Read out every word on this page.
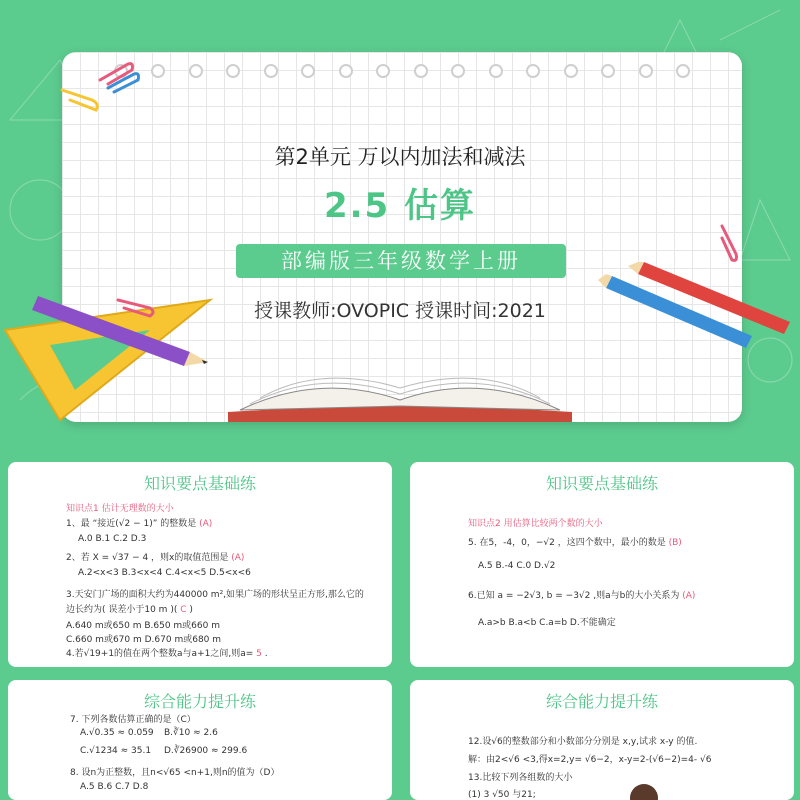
第2单元 万以内加法和减法
2.5 估算
部编版三年级数学上册
授课教师:OVOPIC 授课时间:2021
知识要点基础练
知识点1 估计无理数的大小
1、最 “接近(√2 − 1)” 的整数是 (A)
A.0 B.1 C.2 D.3
2、若 X = √37 − 4 ，则x的取值范围是 (A)
A.2<x<3 B.3<x<4 C.4<x<5 D.5<x<6
3.天安门广场的面积大约为440000 m²,如果广场的形状呈正方形,那么它的
边长约为( 误差小于10 m )( C )
A.640 m或650 m B.650 m或660 m
C.660 m或670 m D.670 m或680 m
4.若√19+1的值在两个整数a与a+1之间,则a= 5 .
知识要点基础练
知识点2 用估算比较两个数的大小
5. 在5，-4，0，−√2 ，这四个数中，最小的数是 (B)
A.5 B.-4 C.0 D.√2
6.已知 a = −2√3, b = −3√2 ,则a与b的大小关系为 (A)
A.a>b B.a<b C.a=b D.不能确定
综合能力提升练
7. 下列各数估算正确的是（C）
A.√0.35 ≈ 0.059 B.∛10 ≈ 2.6
C.√1234 ≈ 35.1 D.∛26900 ≈ 299.6
8. 设n为正整数，且n<√65 <n+1,则n的值为（D）
A.5 B.6 C.7 D.8
综合能力提升练
12.设√6的整数部分和小数部分分别是 x,y,试求 x-y 的值.
解：由2<√6 <3,得x=2,y= √6−2，x-y=2-(√6−2)=4- √6
13.比较下列各组数的大小
(1) 3 √50 与21;
